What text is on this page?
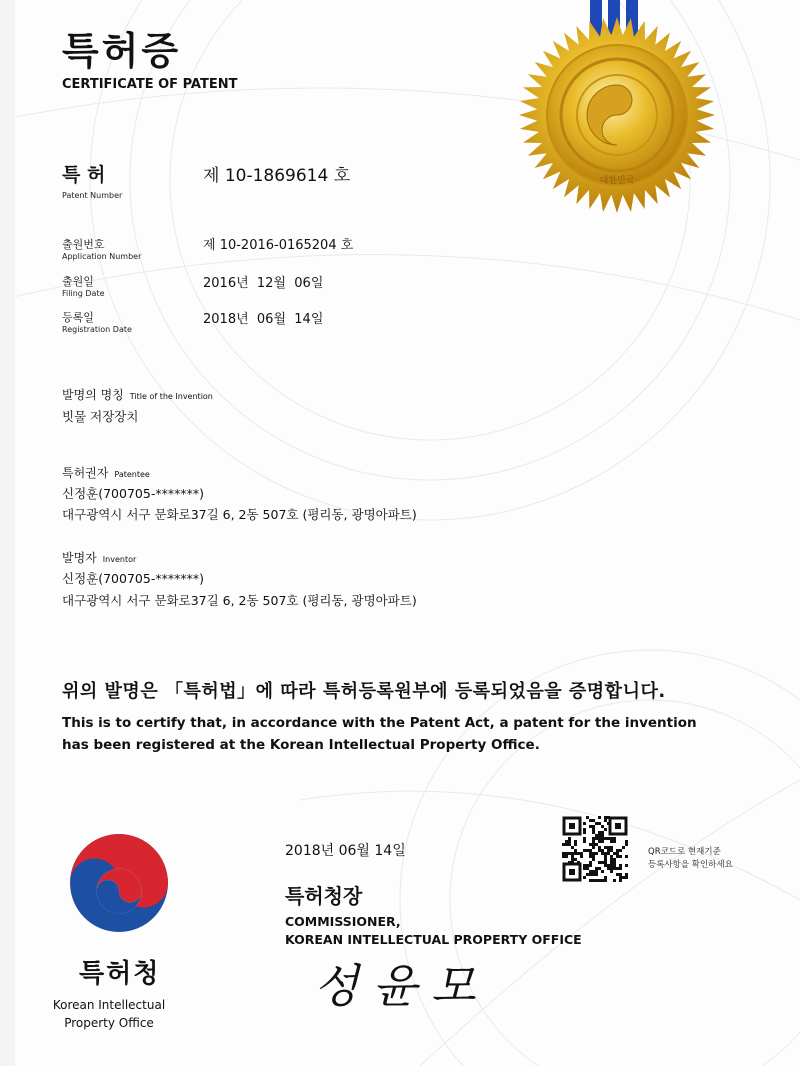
대한민국
특허증
CERTIFICATE OF PATENT
특 허
Patent Number
제 10-1869614 호
출원번호
Application Number
제 10-2016-0165204 호
출원일
Filing Date
2016년  12월  06일
등록일
Registration Date
2018년  06월  14일
발명의 명칭 Title of the Invention
빗물 저장장치
특허권자 Patentee
신정훈(700705-*******)
대구광역시 서구 문화로37길 6, 2동 507호 (평리동, 광명아파트)
발명자 Inventor
신정훈(700705-*******)
대구광역시 서구 문화로37길 6, 2동 507호 (평리동, 광명아파트)
위의 발명은 「특허법」에 따라 특허등록원부에 등록되었음을 증명합니다.
This is to certify that, in accordance with the Patent Act, a patent for the invention
has been registered at the Korean Intellectual Property Office.
2018년 06월 14일	QR코드로 현재기준
등록사항을 확인하세요
특허청
Korean Intellectual
Property Office
특허청장
COMMISSIONER,
KOREAN INTELLECTUAL PROPERTY OFFICE
성윤모
